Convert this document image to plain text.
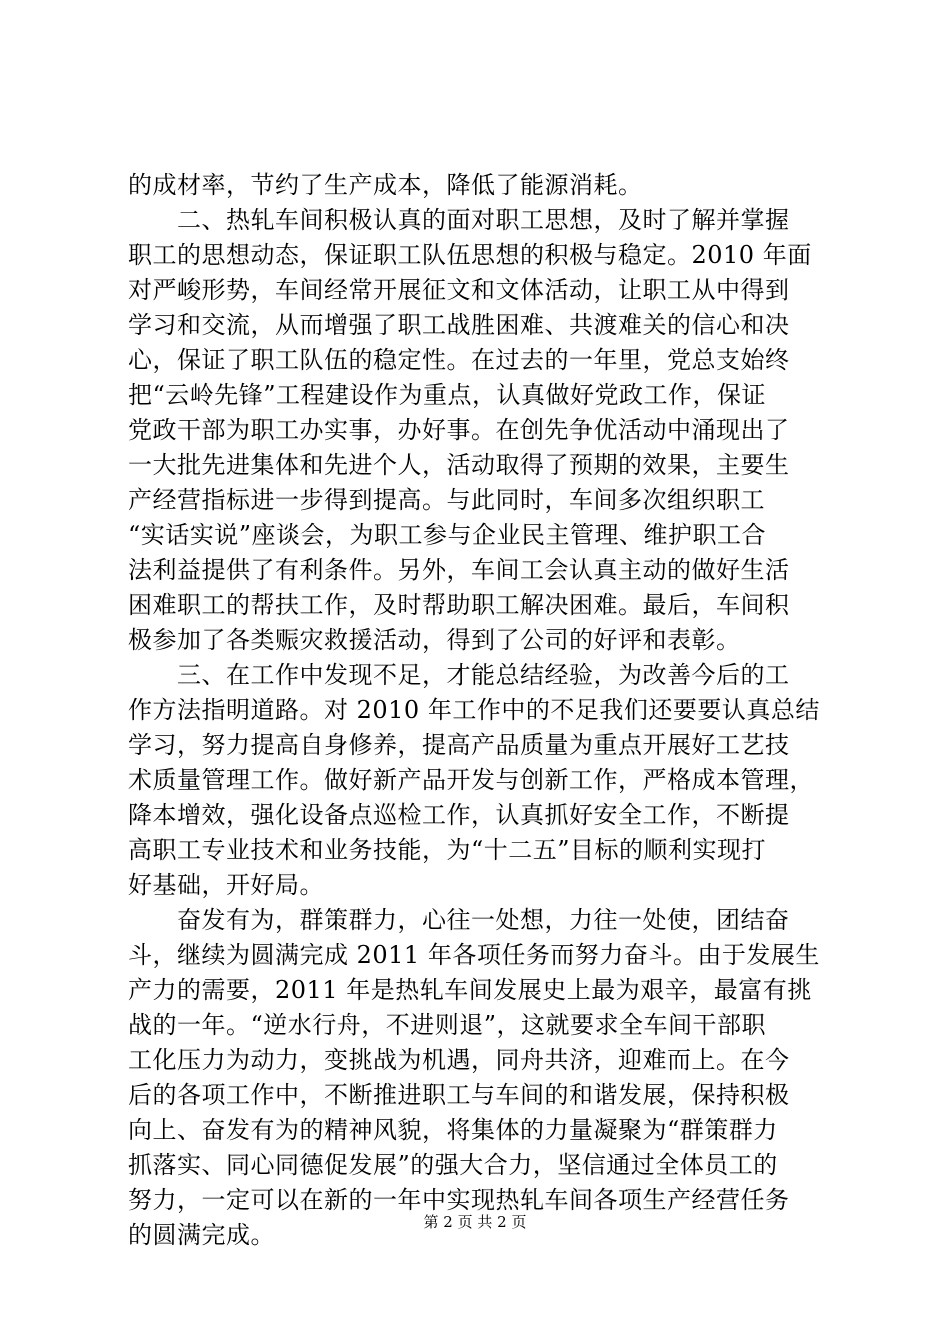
的成材率，节约了生产成本，降低了能源消耗。
　　二、热轧车间积极认真的面对职工思想，及时了解并掌握
职工的思想动态，保证职工队伍思想的积极与稳定。2010 年面
对严峻形势，车间经常开展征文和文体活动，让职工从中得到
学习和交流，从而增强了职工战胜困难、共渡难关的信心和决
心，保证了职工队伍的稳定性。在过去的一年里，党总支始终
把“云岭先锋”工程建设作为重点，认真做好党政工作，保证
党政干部为职工办实事，办好事。在创先争优活动中涌现出了
一大批先进集体和先进个人，活动取得了预期的效果，主要生
产经营指标进一步得到提高。与此同时，车间多次组织职工
“实话实说”座谈会，为职工参与企业民主管理、维护职工合
法利益提供了有利条件。另外，车间工会认真主动的做好生活
困难职工的帮扶工作，及时帮助职工解决困难。最后，车间积
极参加了各类赈灾救援活动，得到了公司的好评和表彰。
　　三、在工作中发现不足，才能总结经验，为改善今后的工
作方法指明道路。对 2010 年工作中的不足我们还要要认真总结
学习，努力提高自身修养，提高产品质量为重点开展好工艺技
术质量管理工作。做好新产品开发与创新工作，严格成本管理，
降本增效，强化设备点巡检工作，认真抓好安全工作，不断提
高职工专业技术和业务技能，为“十二五”目标的顺利实现打
好基础，开好局。
　　奋发有为，群策群力，心往一处想，力往一处使，团结奋
斗，继续为圆满完成 2011 年各项任务而努力奋斗。由于发展生
产力的需要，2011 年是热轧车间发展史上最为艰辛，最富有挑
战的一年。“逆水行舟，不进则退”，这就要求全车间干部职
工化压力为动力，变挑战为机遇，同舟共济，迎难而上。在今
后的各项工作中，不断推进职工与车间的和谐发展，保持积极
向上、奋发有为的精神风貌，将集体的力量凝聚为“群策群力
抓落实、同心同德促发展”的强大合力，坚信通过全体员工的
努力，一定可以在新的一年中实现热轧车间各项生产经营任务
的圆满完成。	第 2 页 共 2 页
